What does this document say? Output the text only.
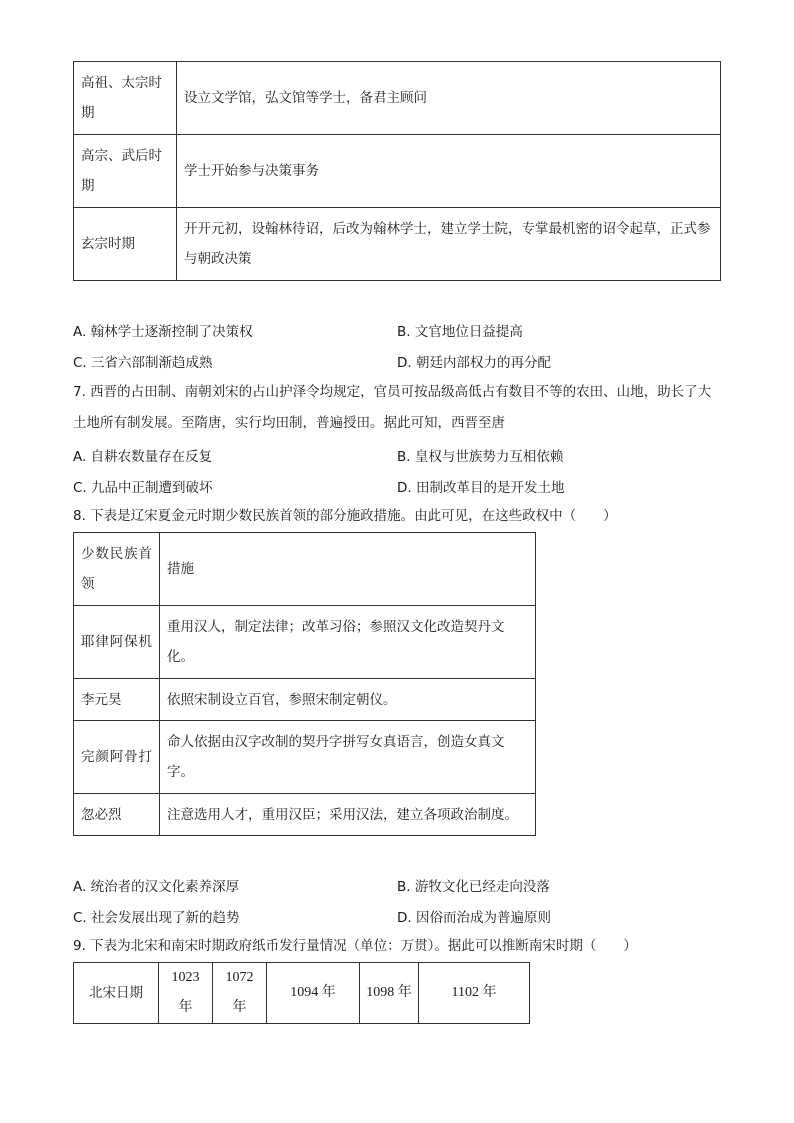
高祖、太宗时期	设立文学馆，弘文馆等学士，备君主顾问
高宗、武后时期	学士开始参与决策事务
玄宗时期	开开元初，设翰林待诏，后改为翰林学士，建立学士院，专掌最机密的诏令起草，正式参与朝政决策
A. 翰林学士逐渐控制了决策权	B. 文官地位日益提高
C. 三省六部制渐趋成熟	D. 朝廷内部权力的再分配
7. 西晋的占田制、南朝刘宋的占山护泽令均规定，官员可按品级高低占有数目不等的农田、山地，助长了大土地所有制发展。至隋唐，实行均田制，普遍授田。据此可知，西晋至唐
A. 自耕农数量存在反复	B. 皇权与世族势力互相依赖
C. 九品中正制遭到破坏	D. 田制改革目的是开发土地
8. 下表是辽宋夏金元时期少数民族首领的部分施政措施。由此可见，在这些政权中（　　）
少数民族首领	措施
耶律阿保机	重用汉人，制定法律；改革习俗；参照汉文化改造契丹文化。
李元昊	依照宋制设立百官，参照宋制定朝仪。
完颜阿骨打	命人依据由汉字改制的契丹字拼写女真语言，创造女真文字。
忽必烈	注意选用人才，重用汉臣；采用汉法，建立各项政治制度。
A. 统治者的汉文化素养深厚	B. 游牧文化已经走向没落
C. 社会发展出现了新的趋势	D. 因俗而治成为普遍原则
9. 下表为北宋和南宋时期政府纸币发行量情况（单位：万贯）。据此可以推断南宋时期（　　）
北宋日期	1023 年	1072 年	1094 年	1098 年	1102 年
